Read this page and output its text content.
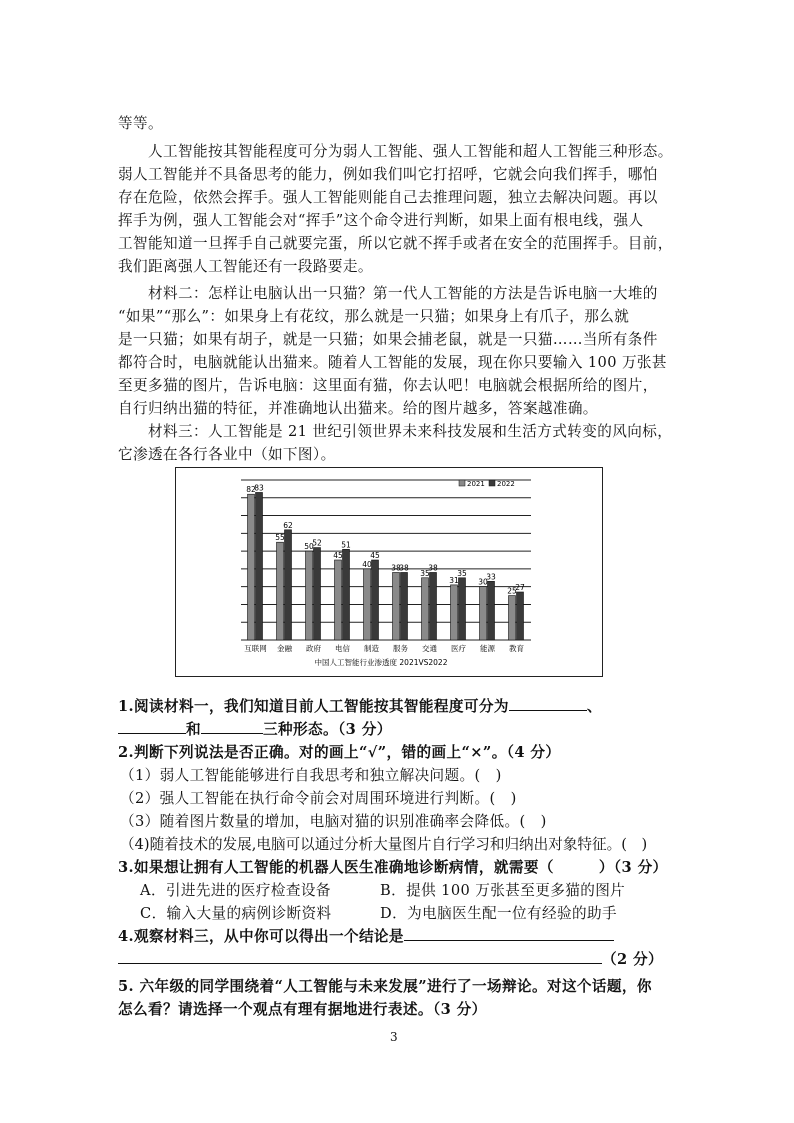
等等。
　　人工智能按其智能程度可分为弱人工智能、强人工智能和超人工智能三种形态。
弱人工智能并不具备思考的能力，例如我们叫它打招呼，它就会向我们挥手，哪怕
存在危险，依然会挥手。强人工智能则能自己去推理问题，独立去解决问题。再以
挥手为例，强人工智能会对“挥手”这个命令进行判断，如果上面有根电线，强人
工智能知道一旦挥手自己就要完蛋，所以它就不挥手或者在安全的范围挥手。目前，
我们距离强人工智能还有一段路要走。
　　材料二：怎样让电脑认出一只猫？第一代人工智能的方法是告诉电脑一大堆的
“如果”“那么”：如果身上有花纹，那么就是一只猫；如果身上有爪子，那么就
是一只猫；如果有胡子，就是一只猫；如果会捕老鼠，就是一只猫……当所有条件
都符合时，电脑就能认出猫来。随着人工智能的发展，现在你只要输入 100 万张甚
至更多猫的图片，告诉电脑：这里面有猫，你去认吧！电脑就会根据所给的图片，
自行归纳出猫的特征，并准确地认出猫来。给的图片越多，答案越准确。
　　材料三：人工智能是 21 世纪引领世界未来科技发展和生活方式转变的风向标，
它渗透在各行各业中（如下图）。
82
83
互联网
55
62
金融
50
52
政府
45
51
电信
40
45
制造
38
38
服务
35
38
交通
31
35
医疗
30
33
能源
25
27
教育
2021 2022
中国人工智能行业渗透度 2021VS2022
1.阅读材料一，我们知道目前人工智能按其智能程度可分为	、
和	三种形态。（3 分）
2.判断下列说法是否正确。对的画上“√”，错的画上“×”。（4 分）
（1）弱人工智能能够进行自我思考和独立解决问题。(　)
（2）强人工智能在执行命令前会对周围环境进行判断。(　)
（3）随着图片数量的增加，电脑对猫的识别准确率会降低。(　)
（4)随着技术的发展,电脑可以通过分析大量图片自行学习和归纳出对象特征。(　)
3.如果想让拥有人工智能的机器人医生准确地诊断病情，就需要（　　　）（3 分）
A．引进先进的医疗检查设备	B．提供 100 万张甚至更多猫的图片
C．输入大量的病例诊断资料	D．为电脑医生配一位有经验的助手
4.观察材料三，从中你可以得出一个结论是
（2 分）
5. 六年级的同学围绕着“人工智能与未来发展”进行了一场辩论。对这个话题，你
怎么看？请选择一个观点有理有据地进行表述。（3 分）
3
